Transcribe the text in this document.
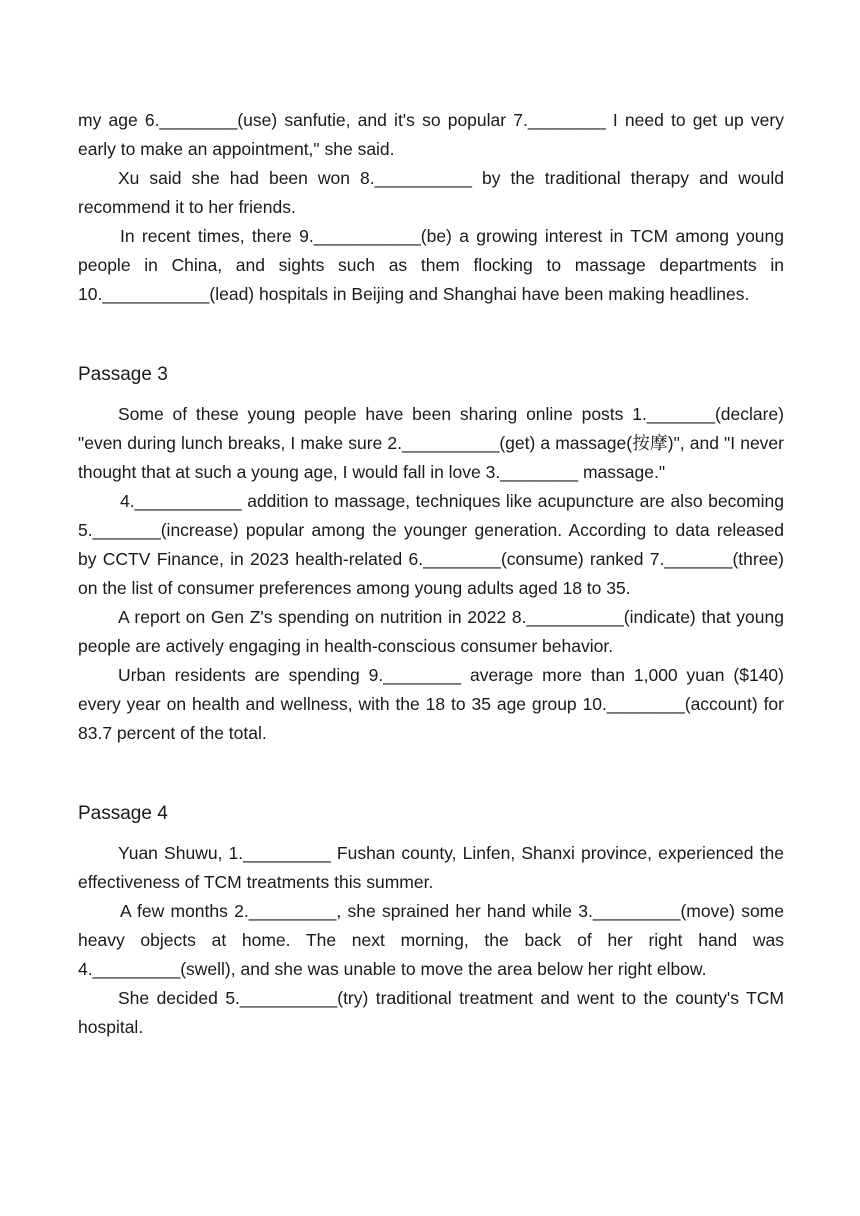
my age 6.________(use) sanfutie, and it's so popular 7.________ I need to get up very early to make an appointment," she said.

Xu said she had been won 8.__________ by the traditional therapy and would recommend it to her friends.

In recent times, there 9.___________(be) a growing interest in TCM among young people in China, and sights such as them flocking to massage departments in 10.___________(lead) hospitals in Beijing and Shanghai have been making headlines.

Passage 3

Some of these young people have been sharing online posts 1._______(declare) "even during lunch breaks, I make sure 2.__________(get) a massage(按摩)", and "I never thought that at such a young age, I would fall in love 3.________ massage."

4.___________ addition to massage, techniques like acupuncture are also becoming 5._______(increase) popular among the younger generation. According to data released by CCTV Finance, in 2023 health-related 6.________(consume) ranked 7._______(three) on the list of consumer preferences among young adults aged 18 to 35.

A report on Gen Z's spending on nutrition in 2022 8.__________(indicate) that young people are actively engaging in health-conscious consumer behavior.

Urban residents are spending 9.________ average more than 1,000 yuan ($140) every year on health and wellness, with the 18 to 35 age group 10.________(account) for 83.7 percent of the total.

Passage 4

Yuan Shuwu, 1._________ Fushan county, Linfen, Shanxi province, experienced the effectiveness of TCM treatments this summer.

A few months 2._________, she sprained her hand while 3._________(move) some heavy objects at home. The next morning, the back of her right hand was 4._________(swell), and she was unable to move the area below her right elbow.

She decided 5.__________(try) traditional treatment and went to the county's TCM hospital.
